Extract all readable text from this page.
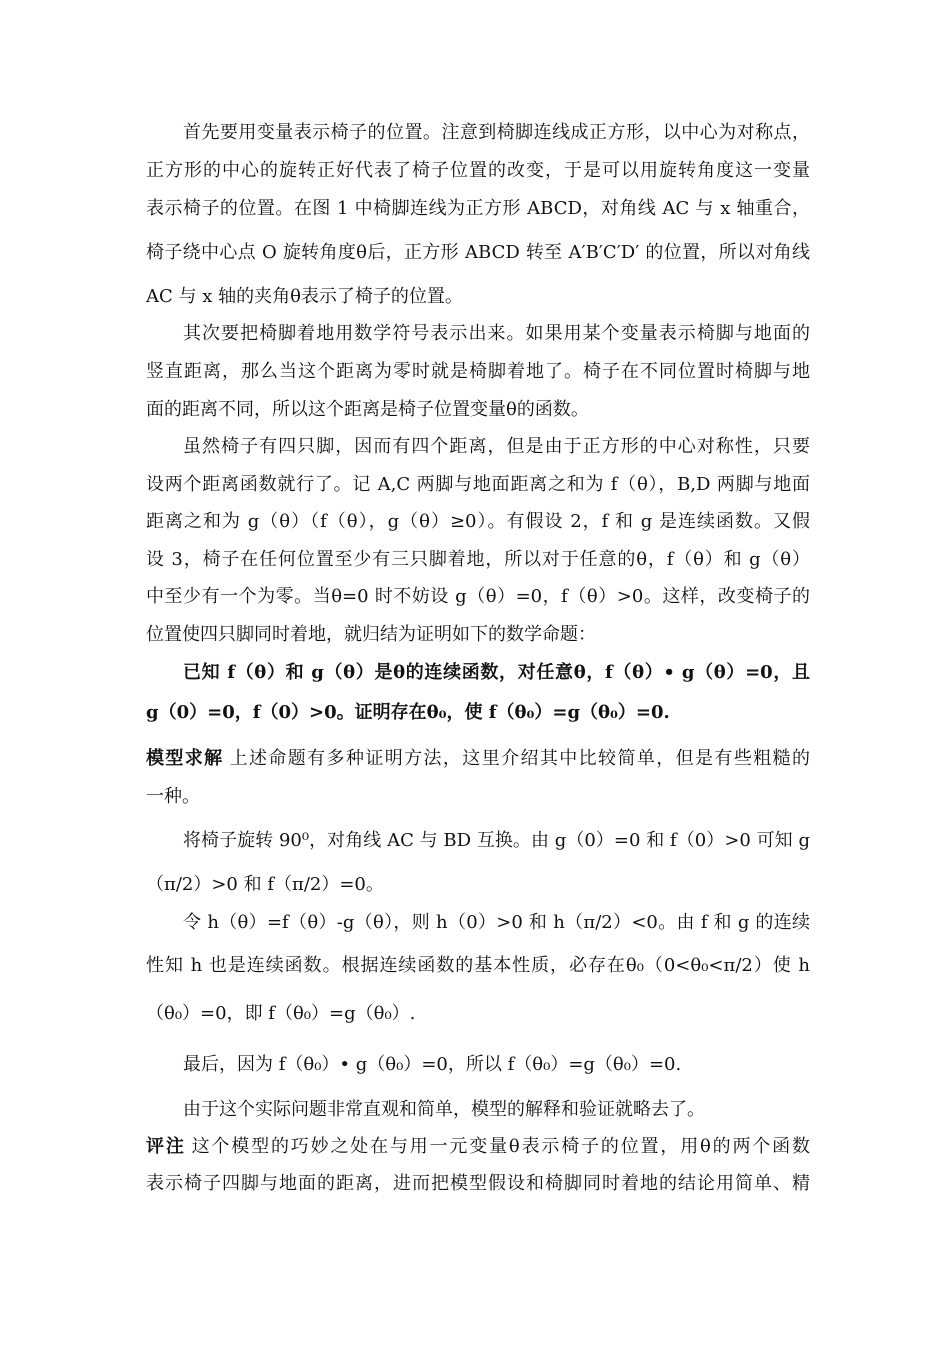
首先要用变量表示椅子的位置。注意到椅脚连线成正方形，以中心为对称点，
正方形的中心的旋转正好代表了椅子位置的改变，于是可以用旋转角度这一变量
表示椅子的位置。在图 1 中椅脚连线为正方形 ABCD，对角线 AC 与 x 轴重合，
椅子绕中心点 O 旋转角度θ后，正方形 ABCD 转至 A′B′C′D′ 的位置，所以对角线
AC 与 x 轴的夹角θ表示了椅子的位置。
其次要把椅脚着地用数学符号表示出来。如果用某个变量表示椅脚与地面的
竖直距离，那么当这个距离为零时就是椅脚着地了。椅子在不同位置时椅脚与地
面的距离不同，所以这个距离是椅子位置变量θ的函数。
虽然椅子有四只脚，因而有四个距离，但是由于正方形的中心对称性，只要
设两个距离函数就行了。记 A,C 两脚与地面距离之和为 f（θ），B,D 两脚与地面
距离之和为 g（θ）（f（θ），g（θ）≥0）。有假设 2，f 和 g 是连续函数。又假
设 3，椅子在任何位置至少有三只脚着地，所以对于任意的θ，f（θ）和 g（θ）
中至少有一个为零。当θ=0 时不妨设 g（θ）=0，f（θ）>0。这样，改变椅子的
位置使四只脚同时着地，就归结为证明如下的数学命题：
已知 f（θ）和 g（θ）是θ的连续函数，对任意θ，f（θ）• g（θ）=0，且
g（0）=0，f（0）>0。证明存在θ₀，使 f（θ₀）=g（θ₀）=0.
模型求解 上述命题有多种证明方法，这里介绍其中比较简单，但是有些粗糙的
一种。
将椅子旋转 90⁰，对角线 AC 与 BD 互换。由 g（0）=0 和 f（0）>0 可知 g
（π/2）>0 和 f（π/2）=0。
令 h（θ）=f（θ）-g（θ），则 h（0）>0 和 h（π/2）<0。由 f 和 g 的连续
性知 h 也是连续函数。根据连续函数的基本性质，必存在θ₀（0<θ₀<π/2）使 h
（θ₀）=0，即 f（θ₀）=g（θ₀）.
最后，因为 f（θ₀）• g（θ₀）=0，所以 f（θ₀）=g（θ₀）=0.
由于这个实际问题非常直观和简单，模型的解释和验证就略去了。
评注 这个模型的巧妙之处在与用一元变量θ表示椅子的位置，用θ的两个函数
表示椅子四脚与地面的距离，进而把模型假设和椅脚同时着地的结论用简单、精
